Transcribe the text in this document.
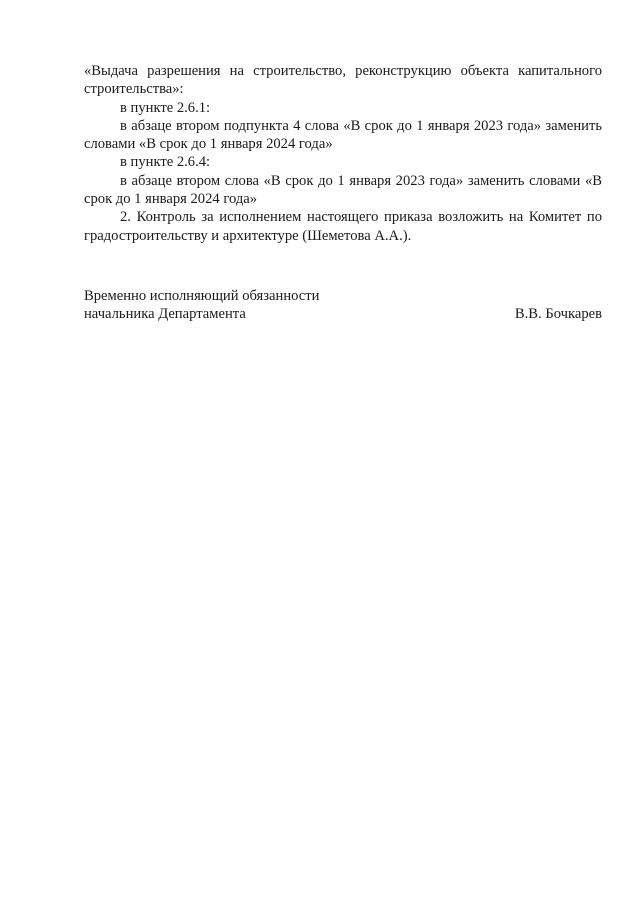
«Выдача разрешения на строительство, реконструкцию объекта капитального строительства»:

в пункте 2.6.1:

в абзаце втором подпункта 4 слова «В срок до 1 января 2023 года» заменить словами «В срок до 1 января 2024 года»

в пункте 2.6.4:

в абзаце втором слова «В срок до 1 января 2023 года» заменить словами «В срок до 1 января 2024 года»

2. Контроль за исполнением настоящего приказа возложить на Комитет по градостроительству и архитектуре (Шеметова А.А.).

Временно исполняющий обязанности
начальника Департамента	В.В. Бочкарев
